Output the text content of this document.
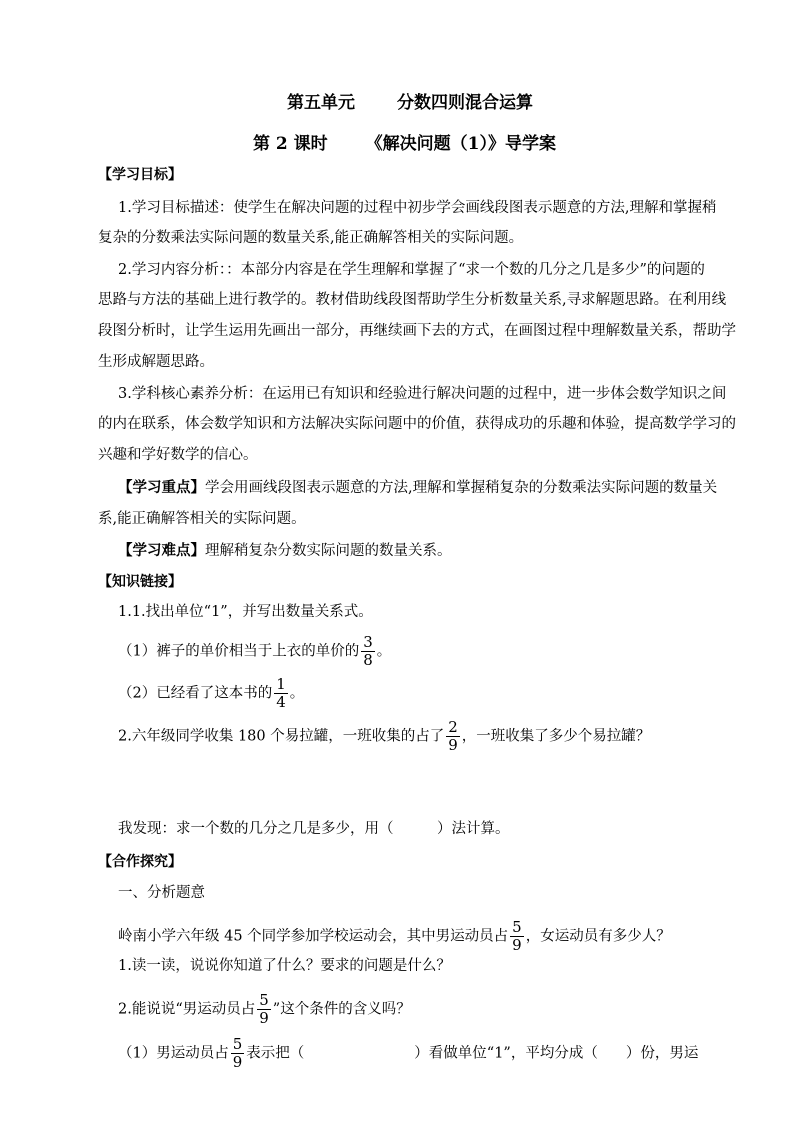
第五单元 分数四则混合运算
第 2 课时 《解决问题（1）》导学案
【学习目标】
1.学习目标描述：使学生在解决问题的过程中初步学会画线段图表示题意的方法,理解和掌握稍
复杂的分数乘法实际问题的数量关系,能正确解答相关的实际问题。
2.学习内容分析：：本部分内容是在学生理解和掌握了“求一个数的几分之几是多少”的问题的
思路与方法的基础上进行教学的。教材借助线段图帮助学生分析数量关系,寻求解题思路。在利用线
段图分析时，让学生运用先画出一部分，再继续画下去的方式，在画图过程中理解数量关系，帮助学
生形成解题思路。
3.学科核心素养分析：在运用已有知识和经验进行解决问题的过程中，进一步体会数学知识之间
的内在联系，体会数学知识和方法解决实际问题中的价值，获得成功的乐趣和体验，提高数学学习的
兴趣和学好数学的信心。
【学习重点】学会用画线段图表示题意的方法,理解和掌握稍复杂的分数乘法实际问题的数量关
系,能正确解答相关的实际问题。
【学习难点】理解稍复杂分数实际问题的数量关系。
【知识链接】
1.1.找出单位“1”，并写出数量关系式。
（1）裤子的单价相当于上衣的单价的 $\frac{3}{8}$ 。
（2）已经看了这本书的 $\frac{1}{4}$ 。
2.六年级同学收集 180 个易拉罐，一班收集的占了 $\frac{2}{9}$ ，一班收集了多少个易拉罐？
我发现：求一个数的几分之几是多少，用（　　　）法计算。
【合作探究】
一、分析题意
岭南小学六年级 45 个同学参加学校运动会，其中男运动员占 $\frac{5}{9}$ ，女运动员有多少人？
1.读一读，说说你知道了什么？要求的问题是什么？
2.能说说“男运动员占 $\frac{5}{9}$ ”这个条件的含义吗？
（1）男运动员占 $\frac{5}{9}$ 表示把（	）看做单位“1”，平均分成（ ）份，男运
